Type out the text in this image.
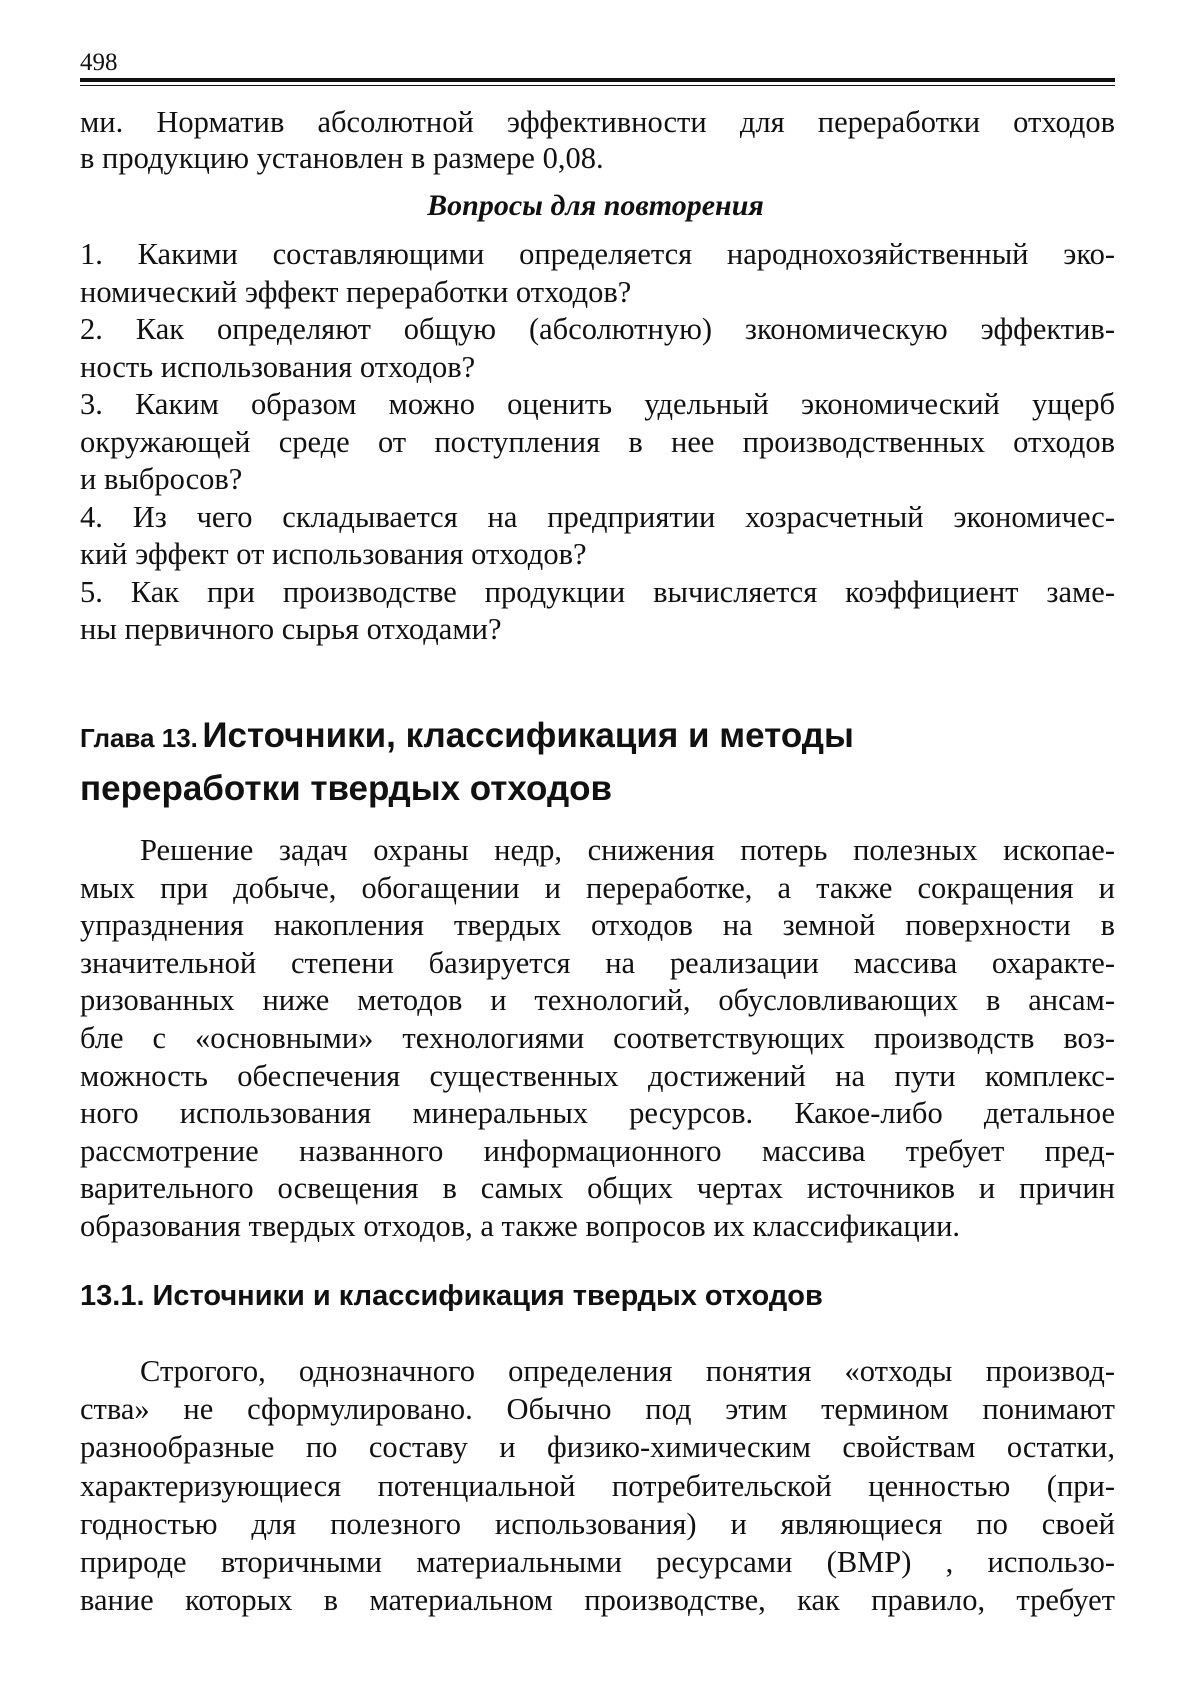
498
ми. Норматив абсолютной эффективности для переработки отходов
в продукцию установлен в размере 0,08.
Вопросы для повторения
1. Какими составляющими определяется народнохозяйственный эко-
номический эффект переработки отходов?
2. Как определяют общую (абсолютную) зкономическую эффектив-
ность использования отходов?
3. Каким образом можно оценить удельный экономический ущерб
окружающей среде от поступления в нее производственных отходов
и выбросов?
4. Из чего складывается на предприятии хозрасчетный экономичес-
кий эффект от использования отходов?
5. Как при производстве продукции вычисляется коэффициент заме-
ны первичного сырья отходами?
Глава 13. Источники, классификация и методы
переработки твердых отходов
Решение задач охраны недр, снижения потерь полезных ископае-
мых при добыче, обогащении и переработке, а также сокращения и
упразднения накопления твердых отходов на земной поверхности в
значительной степени базируется на реализации массива охаракте-
ризованных ниже методов и технологий, обусловливающих в ансам-
бле с «основными» технологиями соответствующих производств воз-
можность обеспечения существенных достижений на пути комплекс-
ного использования минеральных ресурсов. Какое-либо детальное
рассмотрение названного информационного массива требует пред-
варительного освещения в самых общих чертах источников и причин
образования твердых отходов, а также вопросов их классификации.
13.1. Источники и классификация твердых отходов
Строгого, однозначного определения понятия «отходы производ-
ства» не сформулировано. Обычно под этим термином понимают
разнообразные по составу и физико-химическим свойствам остатки,
характеризующиеся потенциальной потребительской ценностью (при-
годностью для полезного использования) и являющиеся по своей
природе вторичными материальными ресурсами (ВМР) , использо-
вание которых в материальном производстве, как правило, требует
